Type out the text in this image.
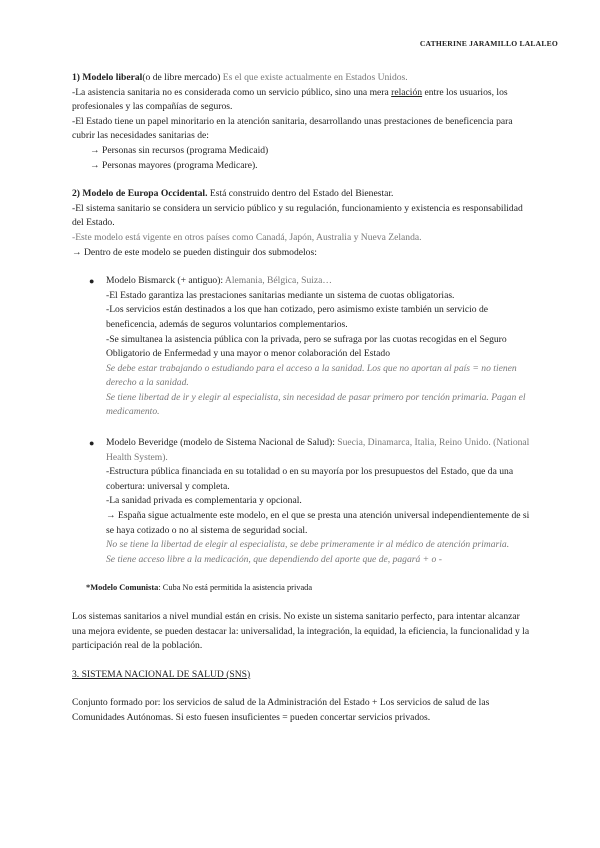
CATHERINE JARAMILLO LALALEO

1) Modelo liberal(o de libre mercado) Es el que existe actualmente en Estados Unidos.

-La asistencia sanitaria no es considerada como un servicio público, sino una mera relación entre los usuarios, los profesionales y las compañías de seguros.

-El Estado tiene un papel minoritario en la atención sanitaria, desarrollando unas prestaciones de beneficencia para cubrir las necesidades sanitarias de:

→ Personas sin recursos (programa Medicaid)

→ Personas mayores (programa Medicare).

2) Modelo de Europa Occidental. Está construido dentro del Estado del Bienestar.

-El sistema sanitario se considera un servicio público y su regulación, funcionamiento y existencia es responsabilidad del Estado.

-Este modelo está vigente en otros países como Canadá, Japón, Australia y Nueva Zelanda.

→ Dentro de este modelo se pueden distinguir dos submodelos:

● Modelo Bismarck (+ antiguo): Alemania, Bélgica, Suiza…

-El Estado garantiza las prestaciones sanitarias mediante un sistema de cuotas obligatorias.

-Los servicios están destinados a los que han cotizado, pero asimismo existe también un servicio de beneficencia, además de seguros voluntarios complementarios.

-Se simultanea la asistencia pública con la privada, pero se sufraga por las cuotas recogidas en el Seguro Obligatorio de Enfermedad y una mayor o menor colaboración del Estado

Se debe estar trabajando o estudiando para el acceso a la sanidad. Los que no aportan al país = no tienen derecho a la sanidad.

Se tiene libertad de ir y elegir al especialista, sin necesidad de pasar primero por tención primaria. Pagan el medicamento.

● Modelo Beveridge (modelo de Sistema Nacional de Salud): Suecia, Dinamarca, Italia, Reino Unido. (National Health System).

-Estructura pública financiada en su totalidad o en su mayoría por los presupuestos del Estado, que da una cobertura: universal y completa.

-La sanidad privada es complementaria y opcional.

→ España sigue actualmente este modelo, en el que se presta una atención universal independientemente de si se haya cotizado o no al sistema de seguridad social.

No se tiene la libertad de elegir al especialista, se debe primeramente ir al médico de atención primaria.

Se tiene acceso libre a la medicación, que dependiendo del aporte que de, pagará + o -

*Modelo Comunista: Cuba No está permitida la asistencia privada

Los sistemas sanitarios a nivel mundial están en crisis. No existe un sistema sanitario perfecto, para intentar alcanzar una mejora evidente, se pueden destacar la: universalidad, la integración, la equidad, la eficiencia, la funcionalidad y la participación real de la población.

3. SISTEMA NACIONAL DE SALUD (SNS)

Conjunto formado por: los servicios de salud de la Administración del Estado + Los servicios de salud de las Comunidades Autónomas. Si esto fuesen insuficientes = pueden concertar servicios privados.
